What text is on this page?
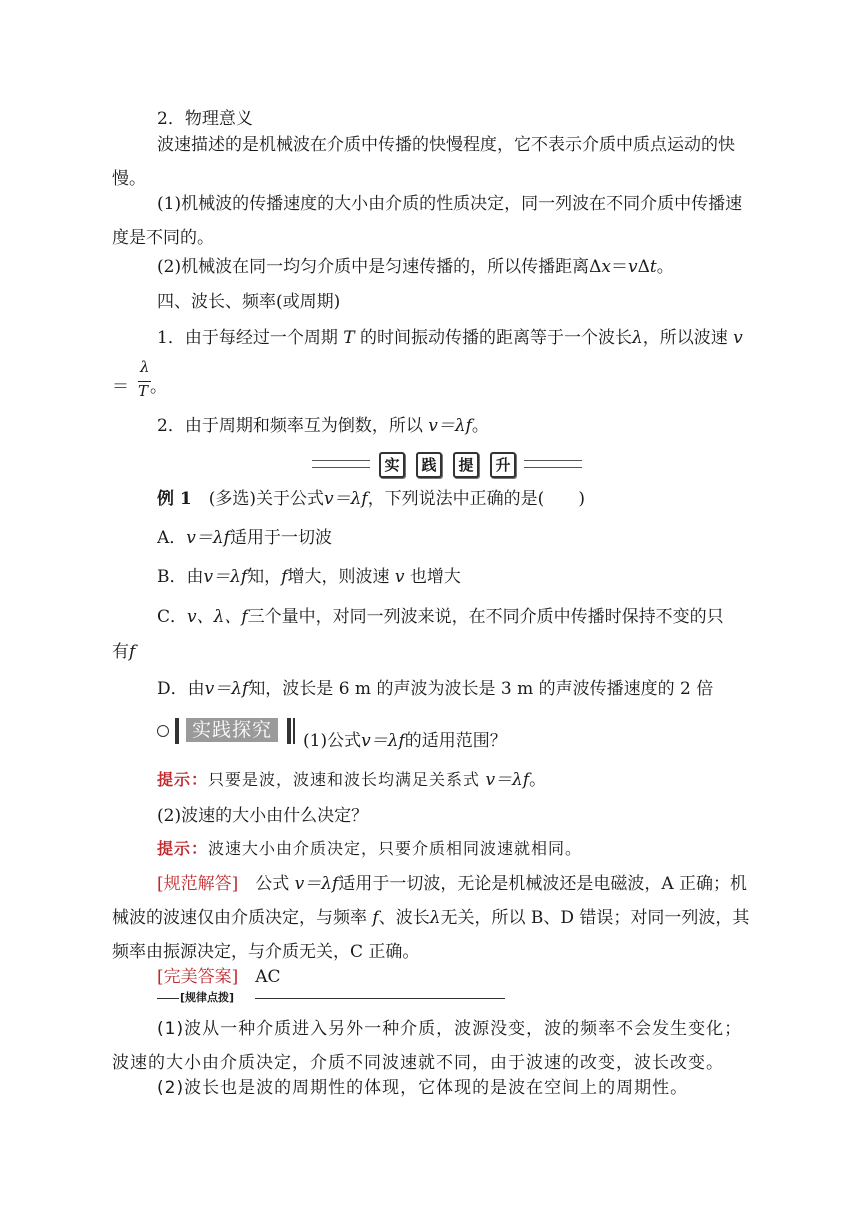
2．物理意义

波速描述的是机械波在介质中传播的快慢程度，它不表示介质中质点运动的快慢。

(1)机械波的传播速度的大小由介质的性质决定，同一列波在不同介质中传播速度是不同的。

(2)机械波在同一均匀介质中是匀速传播的，所以传播距离Δx＝vΔt。
四、波长、频率(或周期)
1．由于每经过一个周期 T 的时间振动传播的距离等于一个波长λ，所以波速 v
＝
λ
T 。
2．由于周期和频率互为倒数，所以 v＝λf。
实	践	提	升
例 1　 (多选)关于公式v＝λf，下列说法中正确的是(　　)
A．v＝λf适用于一切波
B．由v＝λf知，f增大，则波速 v 也增大
C．v、λ、f三个量中，对同一列波来说，在不同介质中传播时保持不变的只
有f
D．由v＝λf知，波长是 6 m 的声波为波长是 3 m 的声波传播速度的 2 倍
实践探究	(1)公式v＝λf的适用范围？
提示：只要是波，波速和波长均满足关系式 v＝λf。
(2)波速的大小由什么决定？
提示：波速大小由介质决定，只要介质相同波速就相同。

[规范解答]　 公式 v＝λf适用于一切波，无论是机械波还是电磁波，A 正确；机械波的波速仅由介质决定，与频率 f、波长λ无关，所以 B、D 错误；对同一列波，其频率由振源决定，与介质无关，C 正确。

[完美答案]　 AC
[规律点拨]

(1)波从一种介质进入另外一种介质，波源没变，波的频率不会发生变化；波速的大小由介质决定，介质不同波速就不同，由于波速的改变，波长改变。

(2)波长也是波的周期性的体现，它体现的是波在空间上的周期性。
